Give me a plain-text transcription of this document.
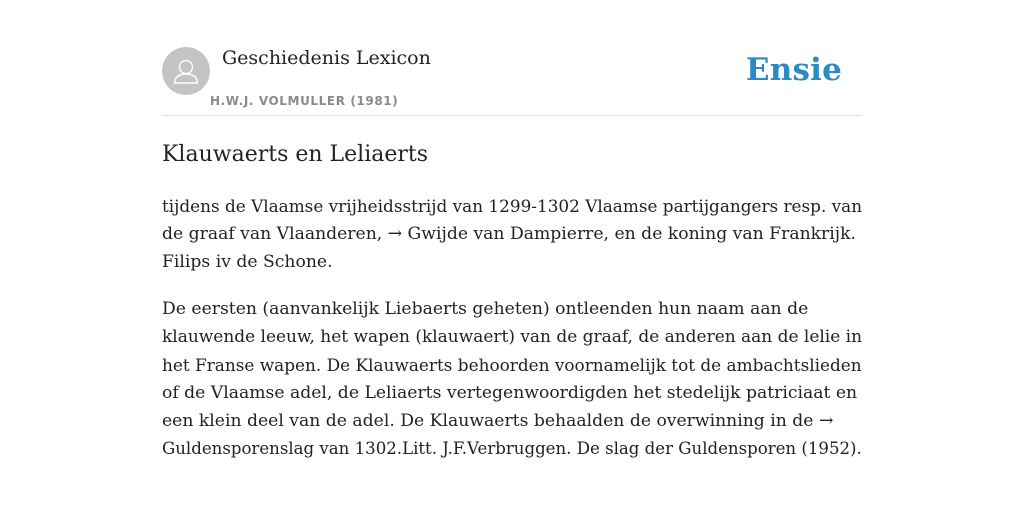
Geschiedenis Lexicon
H.W.J. VOLMULLER (1981)
Ensie
Klauwaerts en Leliaerts

tijdens de Vlaamse vrijheidsstrijd van 1299-1302 Vlaamse partijgangers resp. van
de graaf van Vlaanderen, → Gwijde van Dampierre, en de koning van Frankrijk.
Filips iv de Schone.

De eersten (aanvankelijk Liebaerts geheten) ontleenden hun naam aan de
klauwende leeuw, het wapen (klauwaert) van de graaf, de anderen aan de lelie in
het Franse wapen. De Klauwaerts behoorden voornamelijk tot de ambachtslieden
of de Vlaamse adel, de Leliaerts vertegenwoordigden het stedelijk patriciaat en
een klein deel van de adel. De Klauwaerts behaalden de overwinning in de →
Guldensporenslag van 1302.Litt. J.F.Verbruggen. De slag der Guldensporen (1952).
